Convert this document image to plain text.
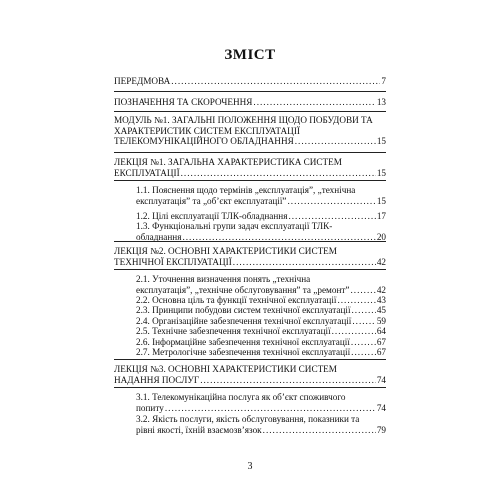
ЗМІСТ
ПЕРЕДМОВА .....	7
ПОЗНАЧЕННЯ ТА СКОРОЧЕННЯ .....	13
МОДУЛЬ №1. ЗАГАЛЬНІ ПОЛОЖЕННЯ ЩОДО ПОБУДОВИ ТА
ХАРАКТЕРИСТИК СИСТЕМ ЕКСПЛУАТАЦІЇ
ТЕЛЕКОМУНІКАЦІЙНОГО ОБЛАДНАННЯ .....	15
ЛЕКЦІЯ №1. ЗАГАЛЬНА ХАРАКТЕРИСТИКА СИСТЕМ
ЕКСПЛУАТАЦІЇ .....	15
1.1. Пояснення щодо термінів „експлуатація”, „технічна
експлуатація” та „об’єкт експлуатації” .....	15
1.2. Цілі експлуатації ТЛК-обладнання .....	17
1.3. Функціональні групи задач експлуатації ТЛК-
обладнання .....	20
ЛЕКЦІЯ №2. ОСНОВНІ ХАРАКТЕРИСТИКИ СИСТЕМ
ТЕХНІЧНОЇ ЕКСПЛУАТАЦІЇ .....	42
2.1. Уточнення визначення понять „технічна
експлуатація”, „технічне обслуговування” та „ремонт” .....	42
2.2. Основна ціль та функції технічної експлуатації .....	43
2.3. Принципи побудови систем технічної експлуатації .....	45
2.4. Організаційне забезпечення технічної експлуатації .....	59
2.5. Технічне забезпечення технічної експлуатації .....	64
2.6. Інформаційне забезпечення технічної експлуатації .....	67
2.7. Метрологічне забезпечення технічної експлуатації .....	67
ЛЕКЦІЯ №3. ОСНОВНІ ХАРАКТЕРИСТИКИ СИСТЕМ
НАДАННЯ ПОСЛУГ .....	74
3.1. Телекомунікаційна послуга як об’єкт споживчого
попиту .....	74
3.2. Якість послуги, якість обслуговування, показники та
рівні якості, їхній взаємозв’язок .....	79
3
